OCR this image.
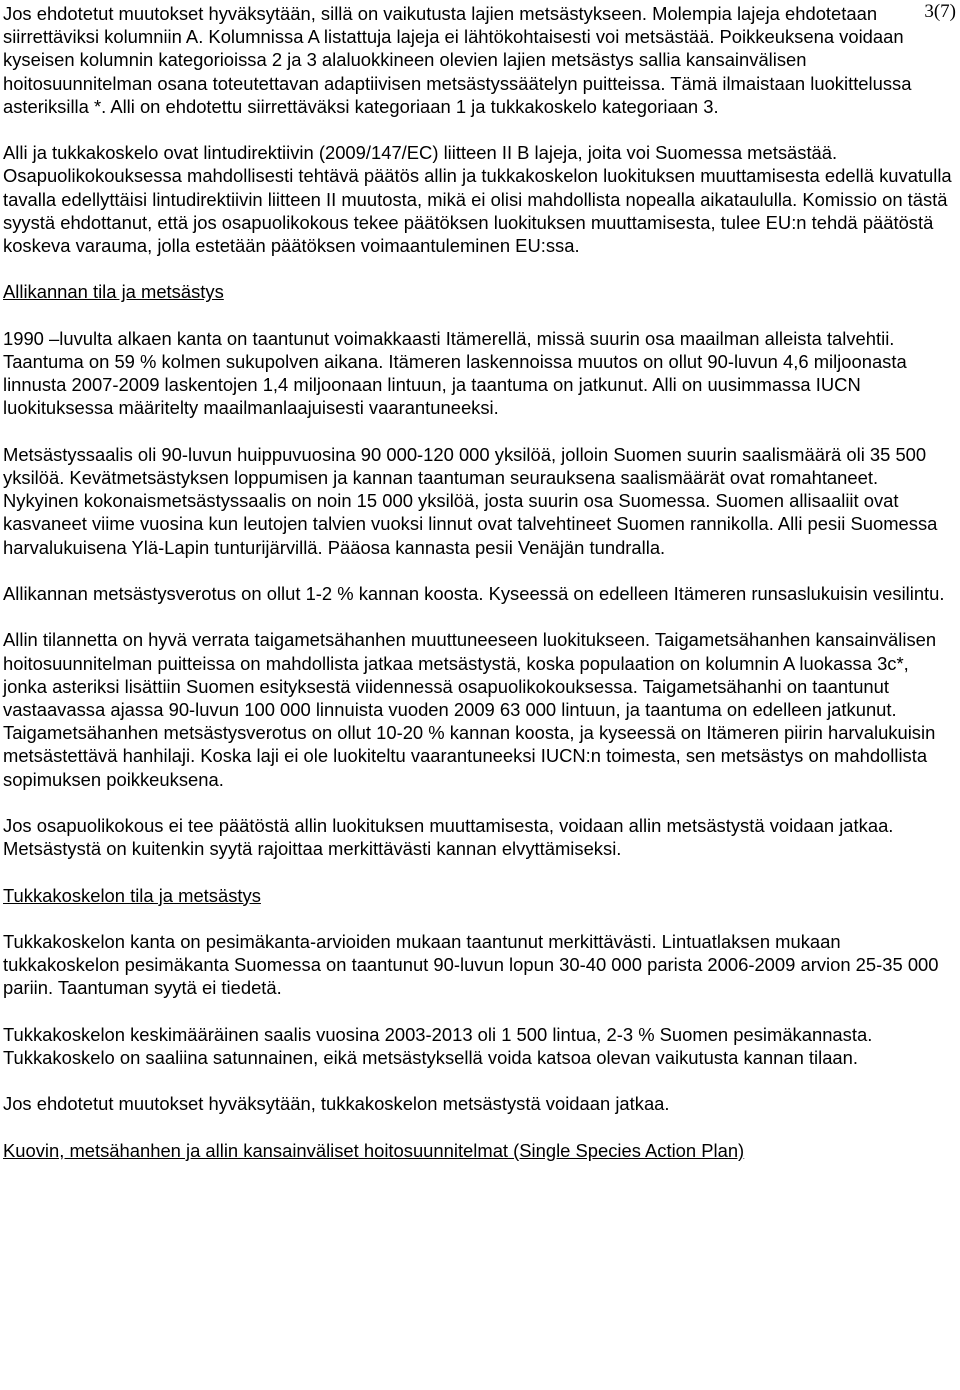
3(7)

Jos ehdotetut muutokset hyväksytään, sillä on vaikutusta lajien metsästykseen. Molempia lajeja ehdotetaan siirrettäviksi kolumniin A. Kolumnissa A listattuja lajeja ei lähtökohtaisesti voi metsästää. Poikkeuksena voidaan kyseisen kolumnin kategorioissa 2 ja 3 alaluokkineen olevien lajien metsästys sallia kansainvälisen hoitosuunnitelman osana toteutettavan adaptiivisen metsästyssäätelyn puitteissa. Tämä ilmaistaan luokittelussa asteriksilla *. Alli on ehdotettu siirrettäväksi kategoriaan 1 ja tukkakoskelo kategoriaan 3.

Alli ja tukkakoskelo ovat lintudirektiivin (2009/147/EC) liitteen II B lajeja, joita voi Suomessa metsästää. Osapuolikokouksessa mahdollisesti tehtävä päätös allin ja tukkakoskelon luokituksen muuttamisesta edellä kuvatulla tavalla edellyttäisi lintudirektiivin liitteen II muutosta, mikä ei olisi mahdollista nopealla aikataululla. Komissio on tästä syystä ehdottanut, että jos osapuolikokous tekee päätöksen luokituksen muuttamisesta, tulee EU:n tehdä päätöstä koskeva varauma, jolla estetään päätöksen voimaantuleminen EU:ssa.

Allikannan tila ja metsästys

1990 –luvulta alkaen kanta on taantunut voimakkaasti Itämerellä, missä suurin osa maailman alleista talvehtii. Taantuma on 59 % kolmen sukupolven aikana. Itämeren laskennoissa muutos on ollut 90-luvun 4,6 miljoonasta linnusta 2007-2009 laskentojen 1,4 miljoonaan lintuun, ja taantuma on jatkunut. Alli on uusimmassa IUCN luokituksessa määritelty maailmanlaajuisesti vaarantuneeksi.

Metsästyssaalis oli 90-luvun huippuvuosina 90 000-120 000 yksilöä, jolloin Suomen suurin saalismäärä oli 35 500 yksilöä. Kevätmetsästyksen loppumisen ja kannan taantuman seurauksena saalismäärät ovat romahtaneet. Nykyinen kokonaismetsästyssaalis on noin 15 000 yksilöä, josta suurin osa Suomessa. Suomen allisaaliit ovat kasvaneet viime vuosina kun leutojen talvien vuoksi linnut ovat talvehtineet Suomen rannikolla. Alli pesii Suomessa harvalukuisena Ylä-Lapin tunturijärvillä. Pääosa kannasta pesii Venäjän tundralla.

Allikannan metsästysverotus on ollut 1-2 % kannan koosta. Kyseessä on edelleen Itämeren runsaslukuisin vesilintu.

Allin tilannetta on hyvä verrata taigametsähanhen muuttuneeseen luokitukseen. Taigametsähanhen kansainvälisen hoitosuunnitelman puitteissa on mahdollista jatkaa metsästystä, koska populaation on kolumnin A luokassa 3c*, jonka asteriksi lisättiin Suomen esityksestä viidennessä osapuolikokouksessa. Taigametsähanhi on taantunut vastaavassa ajassa 90-luvun 100 000 linnuista vuoden 2009 63 000 lintuun, ja taantuma on edelleen jatkunut. Taigametsähanhen metsästysverotus on ollut 10-20 % kannan koosta, ja kyseessä on Itämeren piirin harvalukuisin metsästettävä hanhilaji. Koska laji ei ole luokiteltu vaarantuneeksi IUCN:n toimesta, sen metsästys on mahdollista sopimuksen poikkeuksena.

Jos osapuolikokous ei tee päätöstä allin luokituksen muuttamisesta, voidaan allin metsästystä voidaan jatkaa. Metsästystä on kuitenkin syytä rajoittaa merkittävästi kannan elvyttämiseksi.

Tukkakoskelon tila ja metsästys

Tukkakoskelon kanta on pesimäkanta-arvioiden mukaan taantunut merkittävästi. Lintuatlaksen mukaan tukkakoskelon pesimäkanta Suomessa on taantunut 90-luvun lopun 30-40 000 parista 2006-2009 arvion 25-35 000 pariin. Taantuman syytä ei tiedetä.

Tukkakoskelon keskimääräinen saalis vuosina 2003-2013 oli 1 500 lintua, 2-3 % Suomen pesimäkannasta. Tukkakoskelo on saaliina satunnainen, eikä metsästyksellä voida katsoa olevan vaikutusta kannan tilaan.

Jos ehdotetut muutokset hyväksytään, tukkakoskelon metsästystä voidaan jatkaa.

Kuovin, metsähanhen ja allin kansainväliset hoitosuunnitelmat (Single Species Action Plan)
